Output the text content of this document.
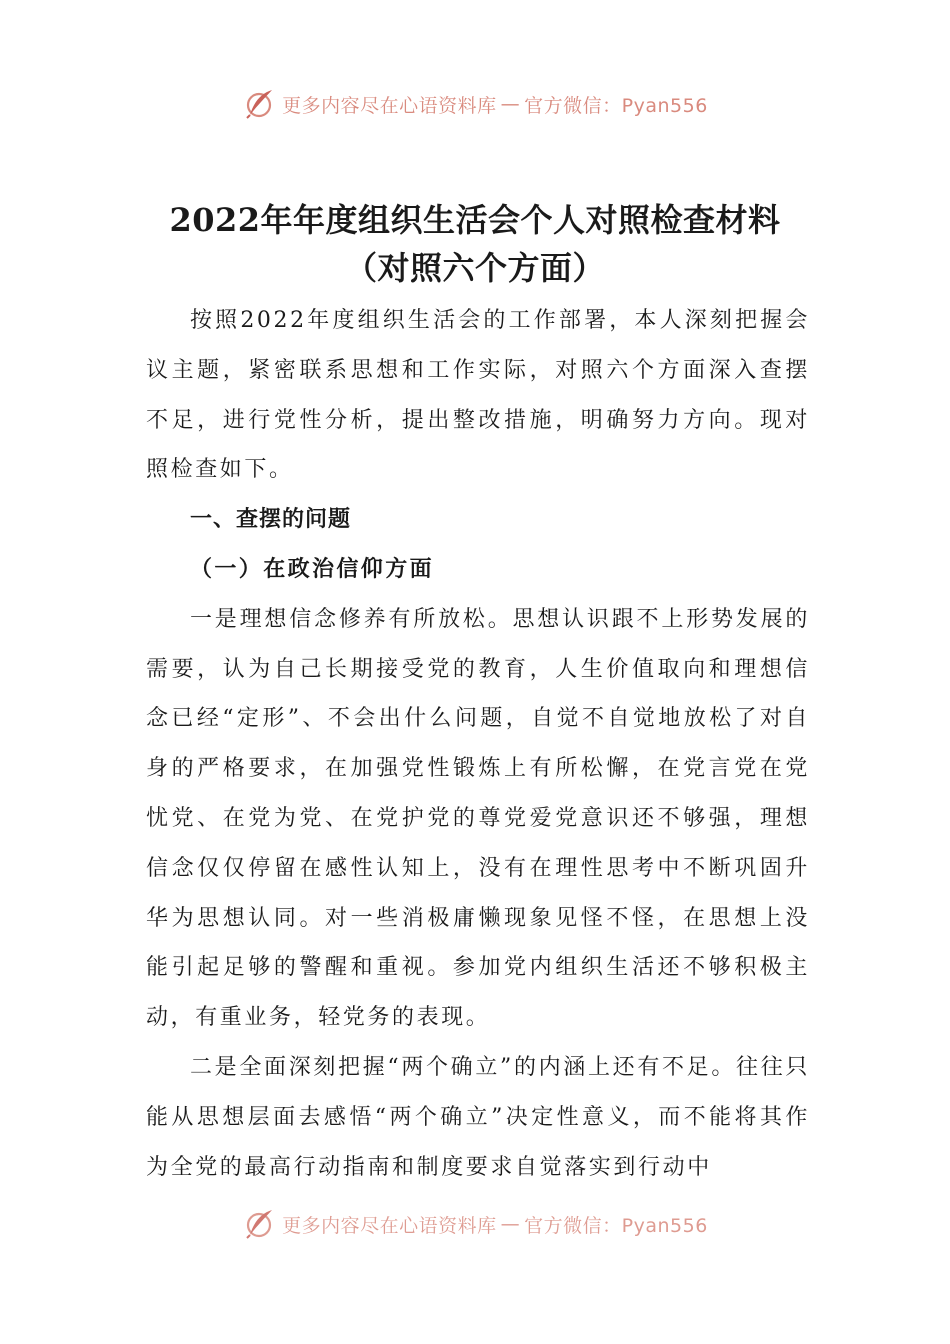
更多内容尽在心语资料库 — 官方微信：Pyan556
2022年年度组织生活会个人对照检查材料
（对照六个方面）

按照2022年度组织生活会的工作部署，本人深刻把握会议主题，紧密联系思想和工作实际，对照六个方面深入查摆不足，进行党性分析，提出整改措施，明确努力方向。现对照检查如下。

一、查摆的问题

（一）在政治信仰方面

一是理想信念修养有所放松。思想认识跟不上形势发展的需要，认为自己长期接受党的教育，人生价值取向和理想信念已经“定形”、不会出什么问题，自觉不自觉地放松了对自身的严格要求，在加强党性锻炼上有所松懈，在党言党在党忧党、在党为党、在党护党的尊党爱党意识还不够强，理想信念仅仅停留在感性认知上，没有在理性思考中不断巩固升华为思想认同。对一些消极庸懒现象见怪不怪，在思想上没能引起足够的警醒和重视。参加党内组织生活还不够积极主动，有重业务，轻党务的表现。

二是全面深刻把握“两个确立”的内涵上还有不足。往往只能从思想层面去感悟“两个确立”决定性意义，而不能将其作为全党的最高行动指南和制度要求自觉落实到行动中

更多内容尽在心语资料库 — 官方微信：Pyan556
